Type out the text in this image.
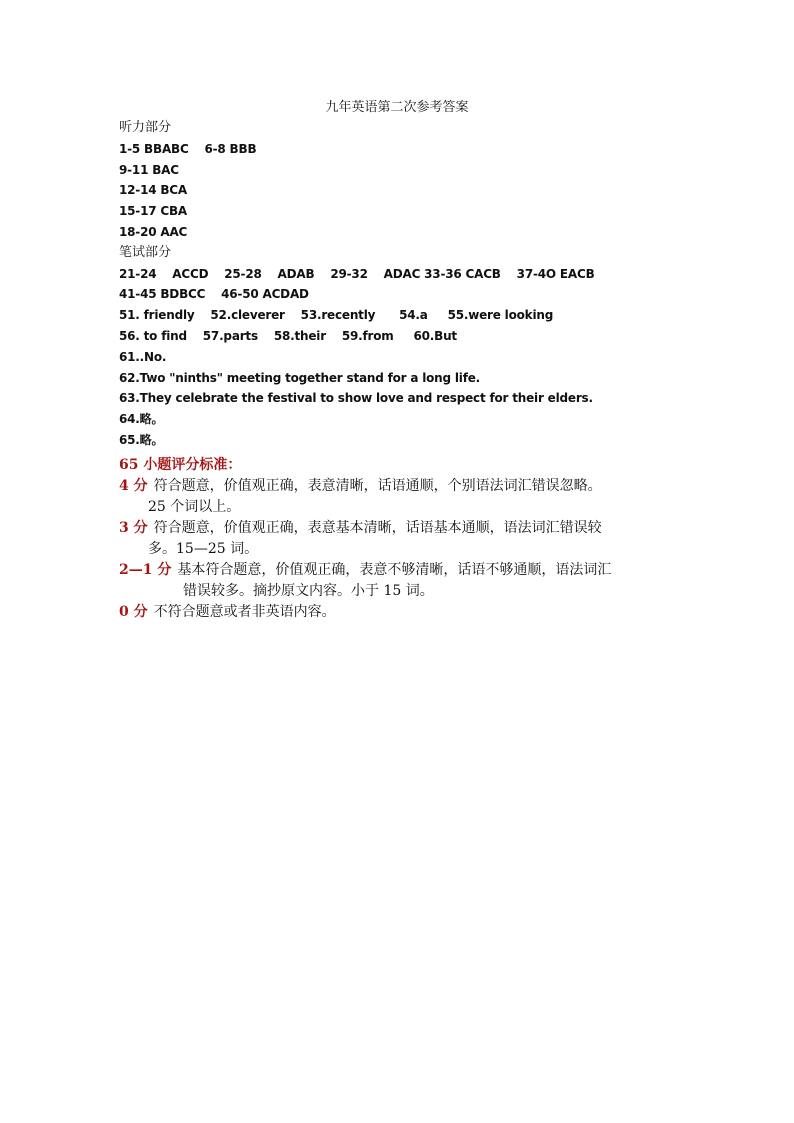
九年英语第二次参考答案
听力部分
1-5 BBABC    6-8 BBB
9-11 BAC
12-14 BCA
15-17 CBA
18-20 AAC
笔试部分
21-24    ACCD    25-28    ADAB    29-32    ADAC 33-36 CACB    37-4O EACB
41-45 BDBCC    46-50 ACDAD
51. friendly    52.cleverer    53.recently      54.a     55.were looking
56. to find    57.parts    58.their    59.from     60.But
61..No.
62.Two "ninths" meeting together stand for a long life.
63.They celebrate the festival to show love and respect for their elders.
64.略。
65.略。
65 小题评分标准：
4 分 符合题意，价值观正确，表意清晰，话语通顺，个别语法词汇错误忽略。
25 个词以上。
3 分 符合题意，价值观正确，表意基本清晰，话语基本通顺，语法词汇错误较
多。15—25 词。
2—1 分 基本符合题意，价值观正确，表意不够清晰，话语不够通顺，语法词汇
错误较多。摘抄原文内容。小于 15 词。
0 分 不符合题意或者非英语内容。
